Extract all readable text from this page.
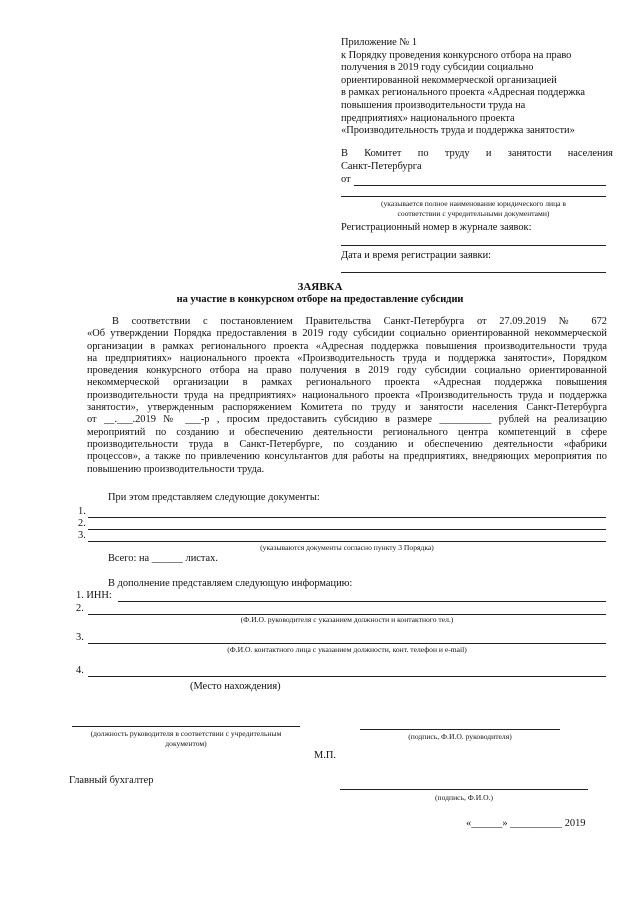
Приложение № 1
к Порядку проведения конкурсного отбора на право
получения в 2019 году субсидии социально
ориентированной некоммерческой организацией
в рамках регионального проекта «Адресная поддержка
повышения производительности труда на
предприятиях» национального проекта
«Производительность труда и поддержка занятости»
В Комитет по труду и занятости населения
Санкт-Петербурга
от
(указывается полное наименование юридического лица в
соответствии с учредительными документами)
Регистрационный номер в журнале заявок:
Дата и время регистрации заявки:
ЗАЯВКА
на участие в конкурсном отборе на предоставление субсидии
В соответствии с постановлением Правительства Санкт-Петербурга от 27.09.2019 № 672
«Об утверждении Порядка предоставления в 2019 году субсидии социально ориентированной некоммерческой
организации в рамках регионального проекта «Адресная поддержка повышения производительности труда
на предприятиях» национального проекта «Производительность труда и поддержка занятости», Порядком
проведения конкурсного отбора на право получения в 2019 году субсидии социально ориентированной
некоммерческой организации в рамках регионального проекта «Адресная поддержка повышения
производительности труда на предприятиях» национального проекта «Производительность труда и поддержка
занятости», утвержденным распоряжением Комитета по труду и занятости населения Санкт-Петербурга
от __.___.2019 № ___-р , просим предоставить субсидию в размере __________ рублей на реализацию
мероприятий по созданию и обеспечению деятельности регионального центра компетенций в сфере
производительности труда в Санкт-Петербурге, по созданию и обеспечению деятельности «фабрики
процессов», а также по привлечению консультантов для работы на предприятиях, внедряющих мероприятия по
повышению производительности труда.
При этом представляем следующие документы:
1.
2.
3.
(указываются документы согласно пункту 3 Порядка)
Всего: на ______ листах.
В дополнение представляем следующую информацию:
1. ИНН:
2.
(Ф.И.О. руководителя с указанием должности и контактного тел.)
3.
(Ф.И.О. контактного лица с указанием должности, конт. телефон и e-mail)
4.
(Место нахождения)
(должность руководителя в соответствии с учредительным
документом)
(подпись, Ф.И.О. руководителя)
М.П.
Главный бухгалтер
(подпись, Ф.И.О.)
«______» __________ 2019
